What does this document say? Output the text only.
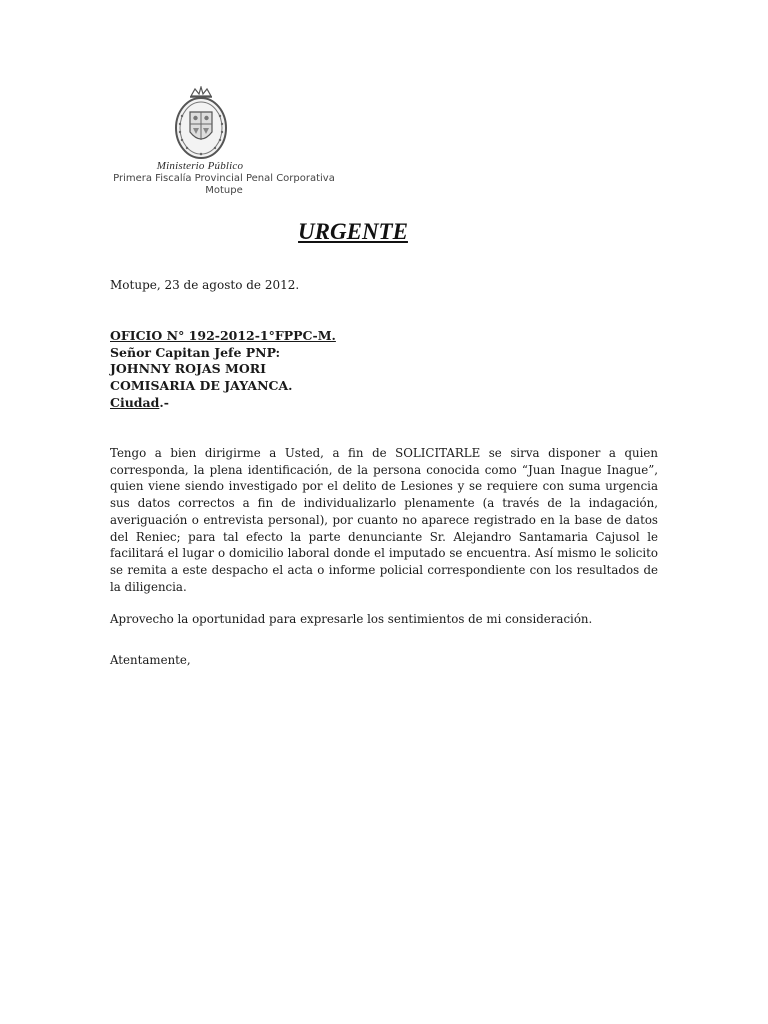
Ministerio Público
Primera Fiscalía Provincial Penal Corporativa
Motupe
URGENTE
Motupe, 23 de agosto de 2012.
OFICIO N° 192-2012-1°FPPC-M.
Señor Capitan Jefe PNP:
JOHNNY ROJAS MORI
COMISARIA DE JAYANCA.
Ciudad.-

Tengo a bien dirigirme a Usted, a fin de SOLICITARLE se sirva disponer a quien corresponda, la plena identificación, de la persona conocida como “Juan Inague Inague”, quien viene siendo investigado por el delito de Lesiones y se requiere con suma urgencia sus datos correctos a fin de individualizarlo plenamente (a través de la indagación, averiguación o entrevista personal), por cuanto no aparece registrado en la base de datos del Reniec; para tal efecto la parte denunciante Sr. Alejandro Santamaria Cajusol le facilitará el lugar o domicilio laboral donde el imputado se encuentra. Así mismo le solicito se remita a este despacho el acta o informe policial correspondiente con los resultados de la diligencia.

Aprovecho la oportunidad para expresarle los sentimientos de mi consideración.

Atentamente,
